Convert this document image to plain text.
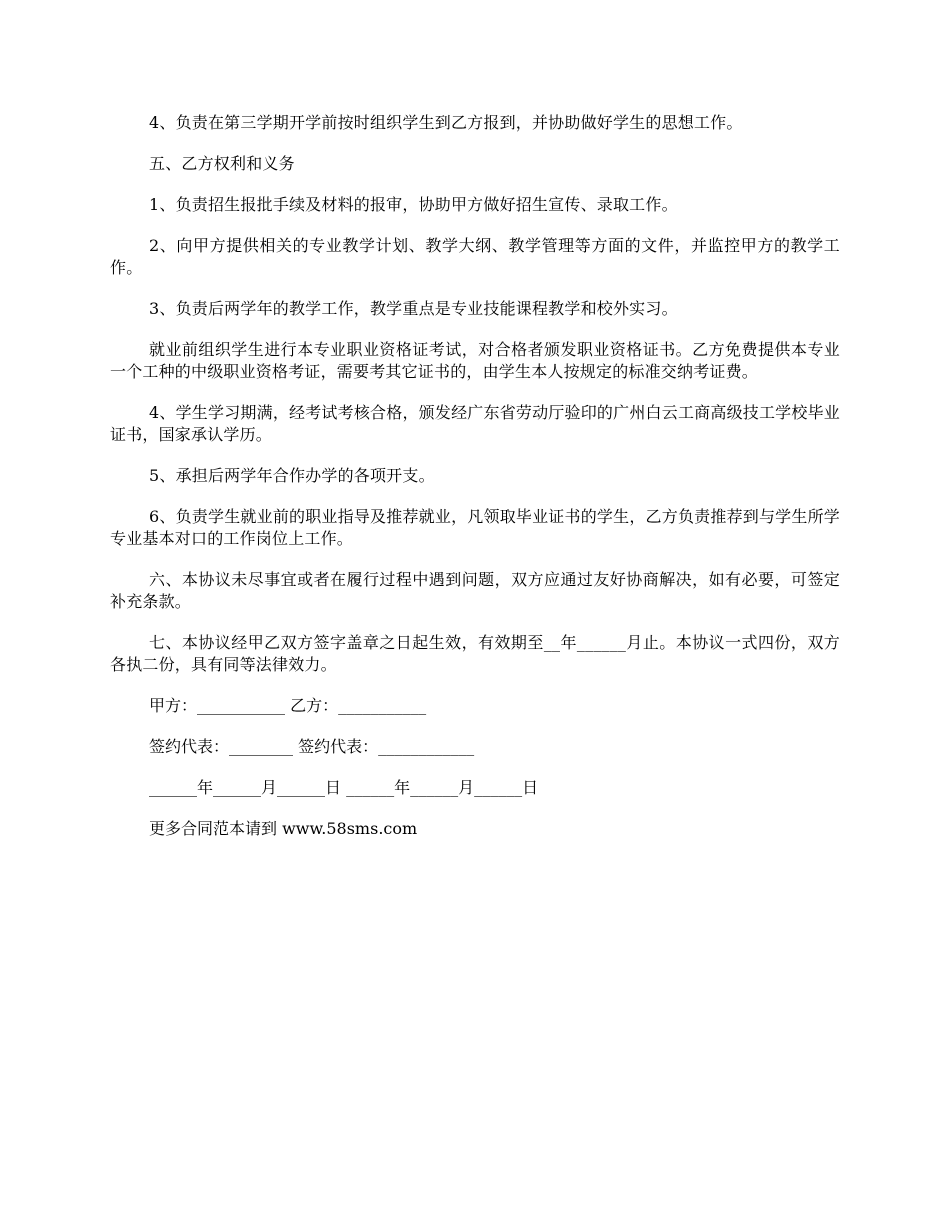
4、负责在第三学期开学前按时组织学生到乙方报到，并协助做好学生的思想工作。

五、乙方权利和义务

1、负责招生报批手续及材料的报审，协助甲方做好招生宣传、录取工作。

2、向甲方提供相关的专业教学计划、教学大纲、教学管理等方面的文件，并监控甲方的教学工作。

3、负责后两学年的教学工作，教学重点是专业技能课程教学和校外实习。

就业前组织学生进行本专业职业资格证考试，对合格者颁发职业资格证书。乙方免费提供本专业一个工种的中级职业资格考证，需要考其它证书的，由学生本人按规定的标准交纳考证费。

4、学生学习期满，经考试考核合格，颁发经广东省劳动厅验印的广州白云工商高级技工学校毕业证书，国家承认学历。

5、承担后两学年合作办学的各项开支。

6、负责学生就业前的职业指导及推荐就业，凡领取毕业证书的学生，乙方负责推荐到与学生所学专业基本对口的工作岗位上工作。

六、本协议未尽事宜或者在履行过程中遇到问题，双方应通过友好协商解决，如有必要，可签定补充条款。

七、本协议经甲乙双方签字盖章之日起生效，有效期至__年______月止。本协议一式四份，双方各执二份，具有同等法律效力。

甲方：___________ 乙方：___________

签约代表：________ 签约代表：____________

______年______月______日 ______年______月______日

更多合同范本请到 www.58sms.com
